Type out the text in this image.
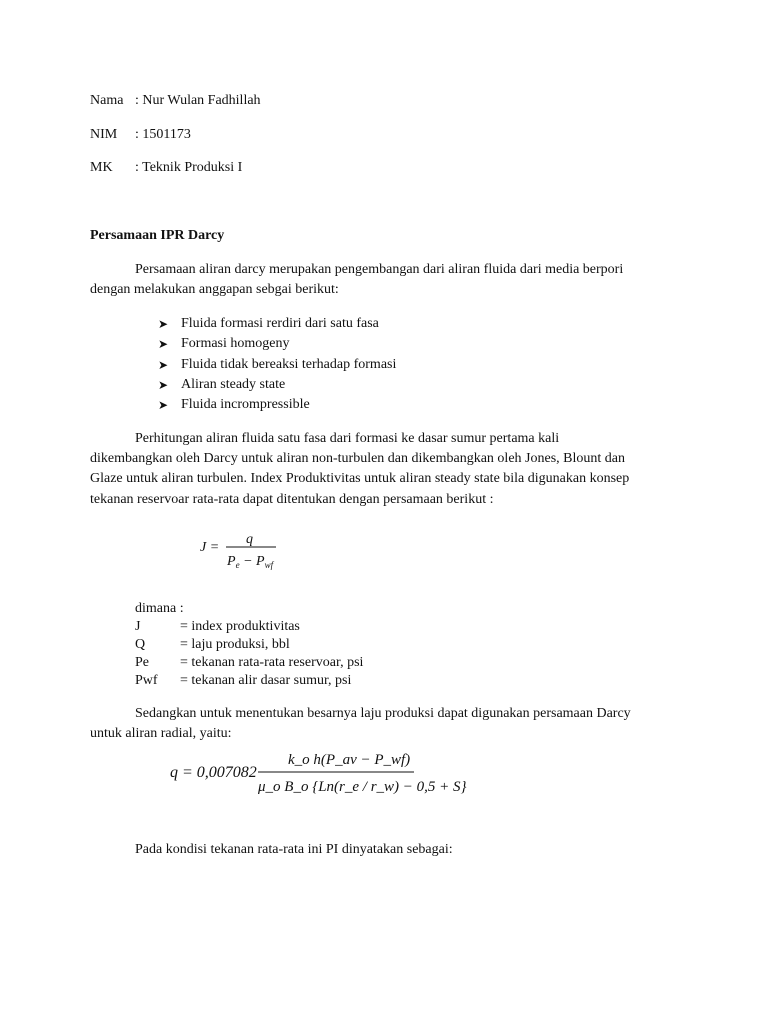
Nama : Nur Wulan Fadhillah
NIM : 1501173
MK : Teknik Produksi I
Persamaan IPR Darcy
Persamaan aliran darcy merupakan pengembangan dari aliran fluida dari media berpori
dengan melakukan anggapan sebgai berikut:
➤ Fluida formasi rerdiri dari satu fasa
➤ Formasi homogeny
➤ Fluida tidak bereaksi terhadap formasi
➤ Aliran steady state
➤ Fluida incrompressible
Perhitungan aliran fluida satu fasa dari formasi ke dasar sumur pertama kali
dikembangkan oleh Darcy untuk aliran non-turbulen dan dikembangkan oleh Jones, Blount dan
Glaze untuk aliran turbulen. Index Produktivitas untuk aliran steady state bila digunakan konsep
tekanan reservoar rata-rata dapat ditentukan dengan persamaan berikut :
J =
q
$P_e - P_{wf}$
dimana :
J	= index produktivitas
Q	= laju produksi, bbl
Pe	= tekanan rata-rata reservoar, psi
Pwf	= tekanan alir dasar sumur, psi
Sedangkan untuk menentukan besarnya laju produksi dapat digunakan persamaan Darcy
untuk aliran radial, yaitu:
q = 0,007082
k_o h(P_av − P_wf)
μ_o B_o {Ln(r_e / r_w) − 0,5 + S}
Pada kondisi tekanan rata-rata ini PI dinyatakan sebagai:
